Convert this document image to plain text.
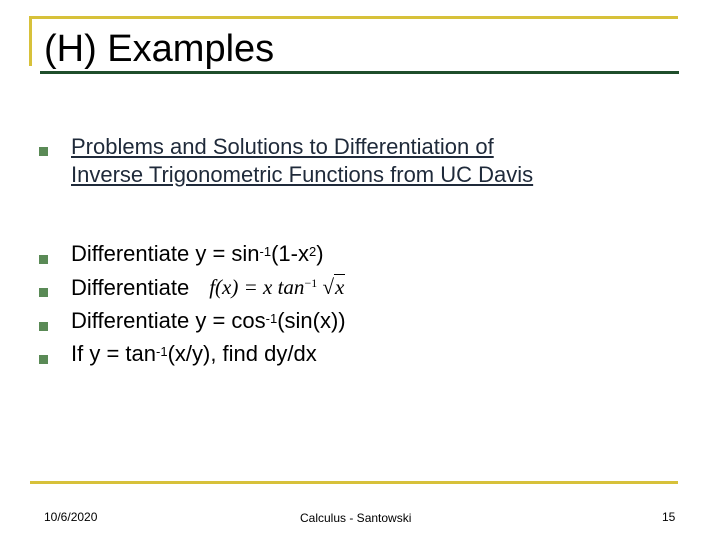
(H) Examples
Problems and Solutions to Differentiation of
Inverse Trigonometric Functions from UC Davis
Differentiate $y = \sin^{-1}(1-x^2)$
Differentiate f(x) = x $\tan^{-1} √x$
Differentiate $y = \cos^{-1}(\sin(x))$
If $y = \tan^{-1}(x/y)$, find dy/dx
10/6/2020	Calculus - Santowski	15
